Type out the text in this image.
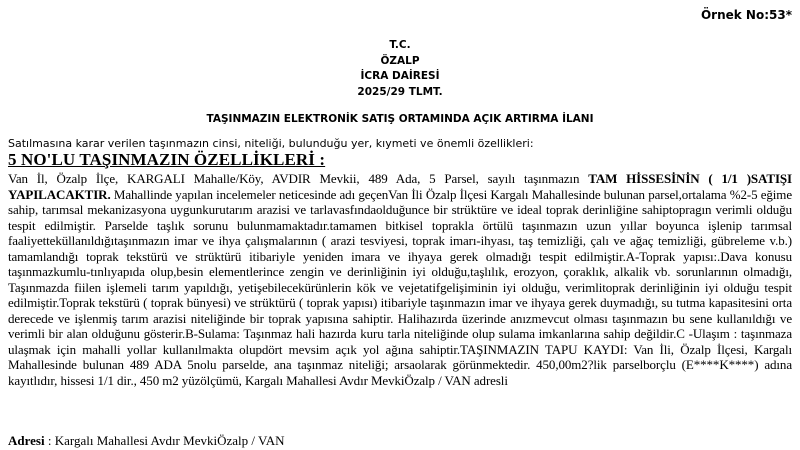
Örnek No:53*
T.C.
ÖZALP
İCRA DAİRESİ
2025/29 TLMT.
TAŞINMAZIN ELEKTRONİK SATIŞ ORTAMINDA AÇIK ARTIRMA İLANI
Satılmasına karar verilen taşınmazın cinsi, niteliği, bulunduğu yer, kıymeti ve önemli özellikleri:
5 NO'LU TAŞINMAZIN ÖZELLİKLERİ :
Van İl, Özalp İlçe, KARGALI Mahalle/Köy, AVDIR Mevkii, 489 Ada, 5 Parsel, sayılı taşınmazın TAM HİSSESİNİN ( 1/1 )SATIŞI YAPILACAKTIR. Mahallinde yapılan incelemeler neticesinde adı geçenVan İli Özalp İlçesi Kargalı Mahallesinde bulunan parsel,ortalama %2-5 eğime sahip, tarımsal mekanizasyona uygunkurutarım arazisi ve tarlavasfındaolduğunce bir strüktüre ve ideal toprak derinliğine sahiptopragın verimli olduğu tespit edilmiştir. Parselde taşlık sorunu bulunmamaktadır.tamamen bitkisel toprakla örtülü taşınmazın uzun yıllar boyunca işlenip tarımsal faaliyetteküllanıldığıtaşınmazın imar ve ihya çalışmalarının ( arazi tesviyesi, toprak imarı-ihyası, taş temizliği, çalı ve ağaç temizliği, gübreleme v.b.) tamamlandığı toprak tekstürü ve strüktürü itibariyle yeniden imara ve ihyaya gerek olmadığı tespit edilmiştir.A-Toprak yapısı:.Dava konusu taşınmazkumlu-tınlıyapıda olup,besin elementlerince zengin ve derinliğinin iyi olduğu,taşlılık, erozyon, çoraklık, alkalik vb. sorunlarının olmadığı, Taşınmazda fiilen işlemeli tarım yapıldığı, yetişebilecekürünlerin kök ve vejetatifgelişiminin iyi olduğu, verimlitoprak derinliğinin iyi olduğu tespit edilmiştir.Toprak tekstürü ( toprak bünyesi) ve strüktürü ( toprak yapısı) itibariyle taşınmazın imar ve ihyaya gerek duymadığı, su tutma kapasitesini orta derecede ve işlenmiş tarım arazisi niteliğinde bir toprak yapısına sahiptir. Halihazırda üzerinde anızmevcut olması taşınmazın bu sene kullanıldığı ve verimli bir alan olduğunu gösterir.B-Sulama: Taşınmaz hali hazırda kuru tarla niteliğinde olup sulama imkanlarına sahip değildir.C -Ulaşım : taşınmaza ulaşmak için mahalli yollar kullanılmakta olupdört mevsim açık yol ağına sahiptir.TAŞINMAZIN TAPU KAYDI: Van İli, Özalp İlçesi, Kargalı Mahallesinde bulunan 489 ADA 5nolu parselde, ana taşınmaz niteliği; arsaolarak görünmektedir. 450,00m2?lik parselborçlu (E****K****) adına kayıtlıdır, hissesi 1/1 dir., 450 m2 yüzölçümü, Kargalı Mahallesi Avdır MevkiÖzalp / VAN adresli
Adresi : Kargalı Mahallesi Avdır MevkiÖzalp / VAN
